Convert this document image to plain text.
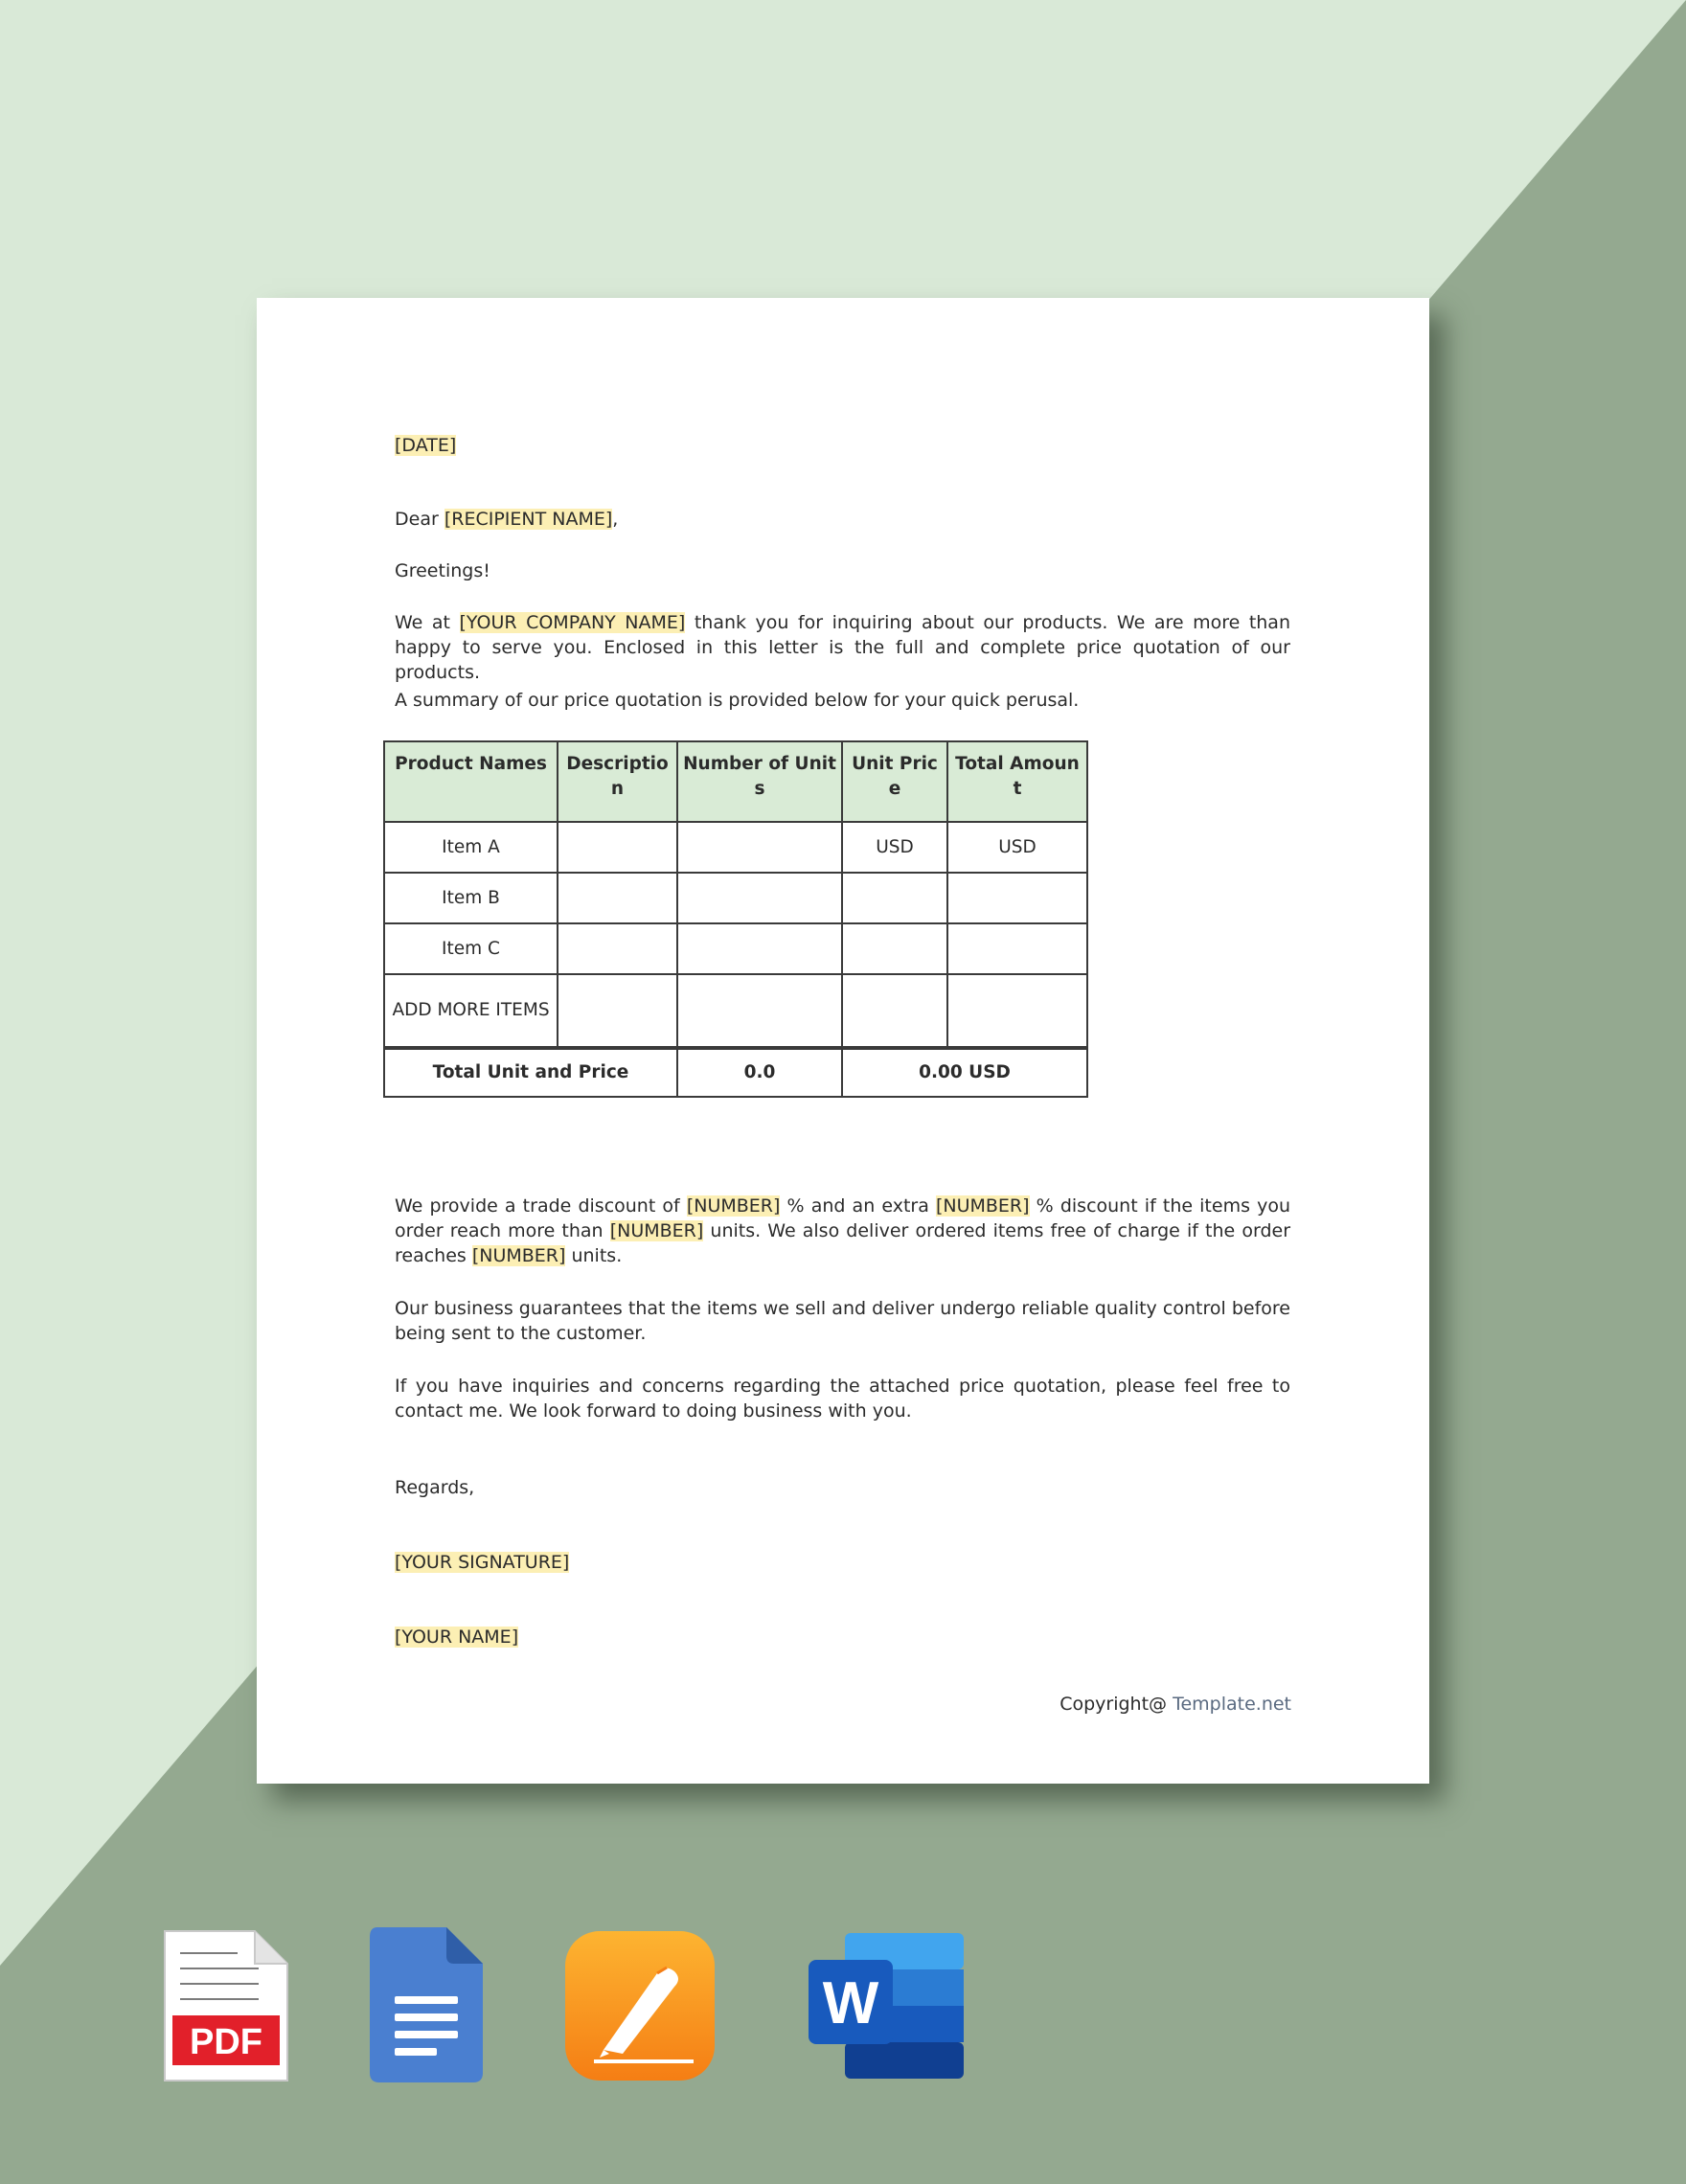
[DATE]
Dear [RECIPIENT NAME],
Greetings!

We at [YOUR COMPANY NAME] thank you for inquiring about our products. We are more than happy to serve you. Enclosed in this letter is the full and complete price quotation of our products.

A summary of our price quotation is provided below for your quick perusal.
Product Names	Descriptio n	Number of Units	Unit Price	Total Amount
Item A			USD	USD
Item B				
Item C				
ADD MORE ITEMS				
Total Unit and Price		0.0	0.00 USD	

We provide a trade discount of [NUMBER] % and an extra [NUMBER] % discount if the items you order reach more than [NUMBER] units. We also deliver ordered items free of charge if the order reaches [NUMBER] units.

Our business guarantees that the items we sell and deliver undergo reliable quality control before being sent to the customer.

If you have inquiries and concerns regarding the attached price quotation, please feel free to contact me. We look forward to doing business with you.

Regards,
[YOUR SIGNATURE]
[YOUR NAME]
Copyright@ Template.net
PDF
W
